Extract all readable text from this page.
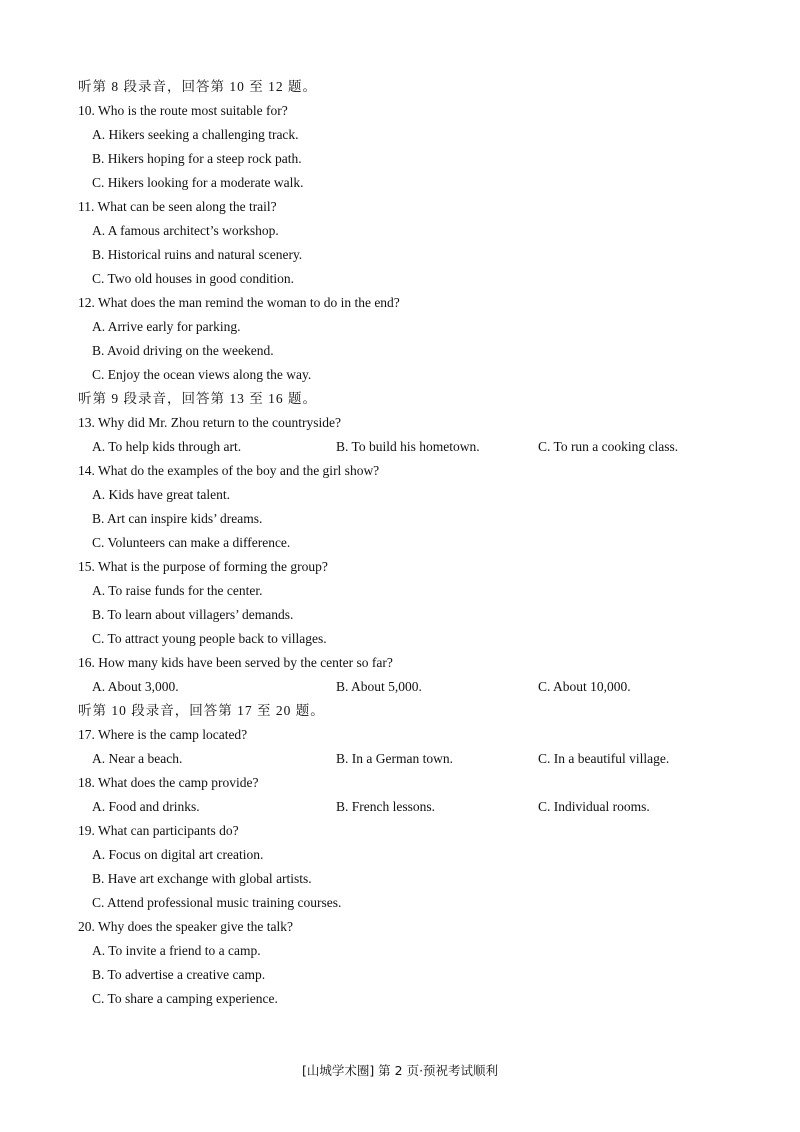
听第 8 段录音，回答第 10 至 12 题。
10. Who is the route most suitable for?
A. Hikers seeking a challenging track.
B. Hikers hoping for a steep rock path.
C. Hikers looking for a moderate walk.
11. What can be seen along the trail?
A. A famous architect’s workshop.
B. Historical ruins and natural scenery.
C. Two old houses in good condition.
12. What does the man remind the woman to do in the end?
A. Arrive early for parking.
B. Avoid driving on the weekend.
C. Enjoy the ocean views along the way.
听第 9 段录音，回答第 13 至 16 题。
13. Why did Mr. Zhou return to the countryside?
A. To help kids through art.	B. To build his hometown.	C. To run a cooking class.
14. What do the examples of the boy and the girl show?
A. Kids have great talent.
B. Art can inspire kids’ dreams.
C. Volunteers can make a difference.
15. What is the purpose of forming the group?
A. To raise funds for the center.
B. To learn about villagers’ demands.
C. To attract young people back to villages.
16. How many kids have been served by the center so far?
A. About 3,000.	B. About 5,000.	C. About 10,000.
听第 10 段录音，回答第 17 至 20 题。
17. Where is the camp located?
A. Near a beach.	B. In a German town.	C. In a beautiful village.
18. What does the camp provide?
A. Food and drinks.	B. French lessons.	C. Individual rooms.
19. What can participants do?
A. Focus on digital art creation.
B. Have art exchange with global artists.
C. Attend professional music training courses.
20. Why does the speaker give the talk?
A. To invite a friend to a camp.
B. To advertise a creative camp.
C. To share a camping experience.
[山城学术圈] 第 2 页·预祝考试顺利
